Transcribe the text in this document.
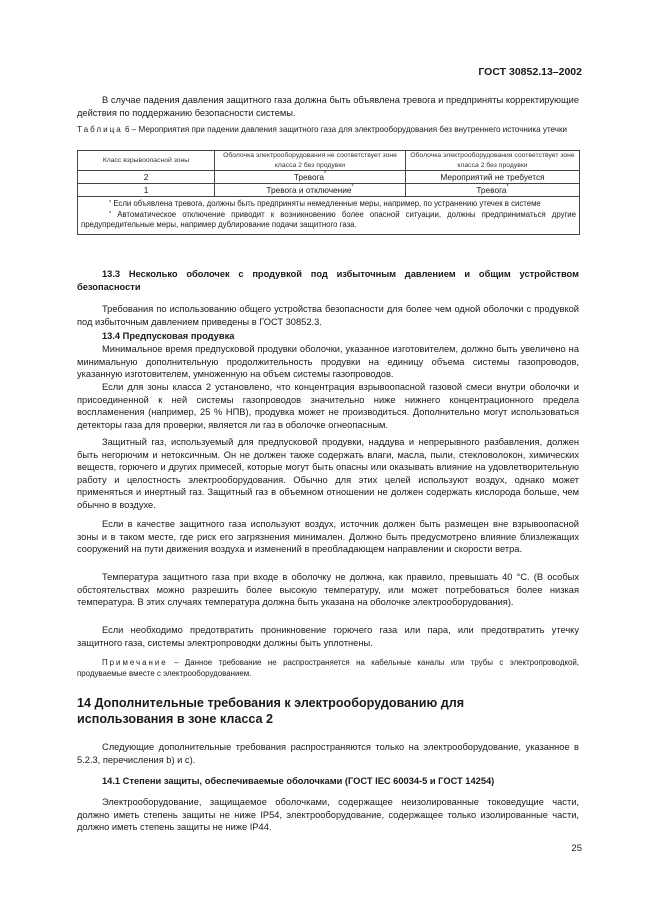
ГОСТ 30852.13–2002

В случае падения давления защитного газа должна быть объявлена тревога и предприняты корректирующие действия по поддержанию безопасности системы.

Таблица 6 – Мероприятия при падении давления защитного газа для электрооборудования без внутреннего источника утечки

Класс взрывоопасной зоны	Оболочка электрооборудования не соответствует зоне класса 2 без продувки	Оболочка электрооборудования соответствует зоне класса 2 без продувки
2	Тревога*	Мероприятий не требуется
1	Тревога и отключение*	Тревога*

* Если объявлена тревога, должны быть предприняты немедленные меры, например, по устранению утечек в системе
* Автоматическое отключение приводит к возникновению более опасной ситуации, должны предприниматься другие предупредительные меры, например дублирование подачи защитного газа.		

13.3 Несколько оболочек с продувкой под избыточным давлением и общим устройством безопасности

Требования по использованию общего устройства безопасности для более чем одной оболочки с продувкой под избыточным давлением приведены в ГОСТ 30852.3.

13.4 Предпусковая продувка

Минимальное время предпусковой продувки оболочки, указанное изготовителем, должно быть увеличено на минимальную дополнительную продолжительность продувки на единицу объема системы газопроводов, указанную изготовителем, умноженную на объем системы газопроводов.

Если для зоны класса 2 установлено, что концентрация взрывоопасной газовой смеси внутри оболочки и присоединенной к ней системы газопроводов значительно ниже нижнего концентрационного предела воспламенения (например, 25 % НПВ), продувка может не производиться. Дополнительно могут использоваться детекторы газа для проверки, является ли газ в оболочке огнеопасным.

Защитный газ, используемый для предпусковой продувки, наддува и непрерывного разбавления, должен быть негорючим и нетоксичным. Он не должен также содержать влаги, масла, пыли, стекловолокон, химических веществ, горючего и других примесей, которые могут быть опасны или оказывать влияние на удовлетворительную работу и целостность электрооборудования. Обычно для этих целей используют воздух, однако может применяться и инертный газ. Защитный газ в объемном отношении не должен содержать кислорода больше, чем обычно в воздухе.

Если в качестве защитного газа используют воздух, источник должен быть размещен вне взрывоопасной зоны и в таком месте, где риск его загрязнения минимален. Должно быть предусмотрено влияние близлежащих сооружений на пути движения воздуха и изменений в преобладающем направлении и скорости ветра.

Температура защитного газа при входе в оболочку не должна, как правило, превышать 40 °С. (В особых обстоятельствах можно разрешить более высокую температуру, или может потребоваться более низкая температура. В этих случаях температура должна быть указана на оболочке электрооборудования).

Если необходимо предотвратить проникновение горючего газа или пара, или предотвратить утечку защитного газа, системы электропроводки должны быть уплотнены.

Примечание – Данное требование не распространяется на кабельные каналы или трубы с электропроводкой, продуваемые вместе с электрооборудованием.

14 Дополнительные требования к электрооборудованию для использования в зоне класса 2

Следующие дополнительные требования распространяются только на электрооборудование, указанное в 5.2.3, перечисления b) и c).

14.1 Степени защиты, обеспечиваемые оболочками (ГОСТ IEC 60034-5 и ГОСТ 14254)

Электрооборудование, защищаемое оболочками, содержащее неизолированные токоведущие части, должно иметь степень защиты не ниже IP54, электрооборудование, содержащее только изолированные части, должно иметь степень защиты не ниже IP44.

25
